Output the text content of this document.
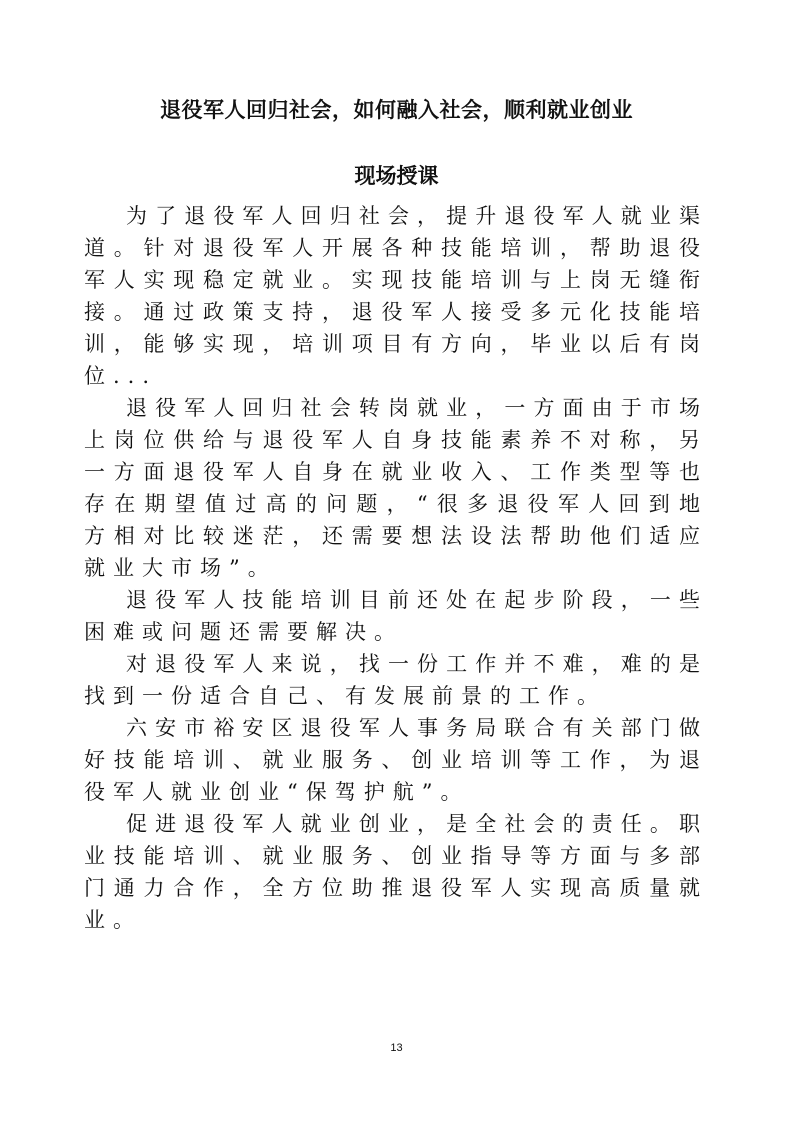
退役军人回归社会，如何融入社会，顺利就业创业
现场授课

为了退役军人回归社会，提升退役军人就业渠道。针对退役军人开展各种技能培训，帮助退役军人实现稳定就业。实现技能培训与上岗无缝衔接。通过政策支持，退役军人接受多元化技能培训，能够实现，培训项目有方向，毕业以后有岗位...

退役军人回归社会转岗就业，一方面由于市场上岗位供给与退役军人自身技能素养不对称，另一方面退役军人自身在就业收入、工作类型等也存在期望值过高的问题，“很多退役军人回到地方相对比较迷茫，还需要想法设法帮助他们适应就业大市场”。

退役军人技能培训目前还处在起步阶段，一些困难或问题还需要解决。

对退役军人来说，找一份工作并不难，难的是找到一份适合自己、有发展前景的工作。

六安市裕安区退役军人事务局联合有关部门做好技能培训、就业服务、创业培训等工作，为退役军人就业创业“保驾护航”。

促进退役军人就业创业，是全社会的责任。职业技能培训、就业服务、创业指导等方面与多部门通力合作，全方位助推退役军人实现高质量就业。

13
